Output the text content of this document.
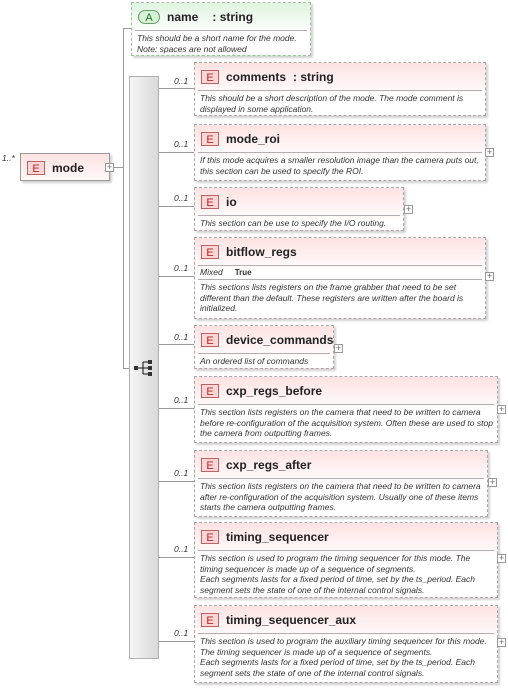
A	name : string
This should be a short name for the mode.
Note: spaces are not allowed
1..*
E	mode	+
0..1	E	comments : string
This should be a short description of the mode. The mode comment is displayed in some application.
0..1	E	mode_roi
If this mode acquires a smaller resolution image than the camera puts out, this section can be used to specify the ROI.
+
0..1	E	io
This section can be use to specify the I/O routing.
+
0..1
E	bitflow_regs
Mixed True
This sections lists registers on the frame grabber that need to be set different than the default. These registers are written after the board is initialized.
+
0..1	E	device_commands
An ordered list of commands
+
0..1
E	cxp_regs_before
This section lists registers on the camera that need to be written to camera before re-configuration of the acquisition system. Often these are used to stop the camera from outputting frames.
+
0..1
E	cxp_regs_after
This section lists registers on the camera that need to be written to camera after re-configuration of the acquisition system. Usually one of these items starts the camera outputting frames.
+
0..1
E	timing_sequencer
This section is used to program the timing sequencer for this mode. The timing sequencer is made up of a sequence of segments.
Each segments lasts for a fixed period of time, set by the ts_period. Each segment sets the state of one of the internal control signals.
+
0..1
E	timing_sequencer_aux
This section is used to program the auxiliary timing sequencer for this mode. The timing sequencer is made up of a sequence of segments.
Each segments lasts for a fixed period of time, set by the ts_period. Each segment sets the state of one of the internal control signals.
+
